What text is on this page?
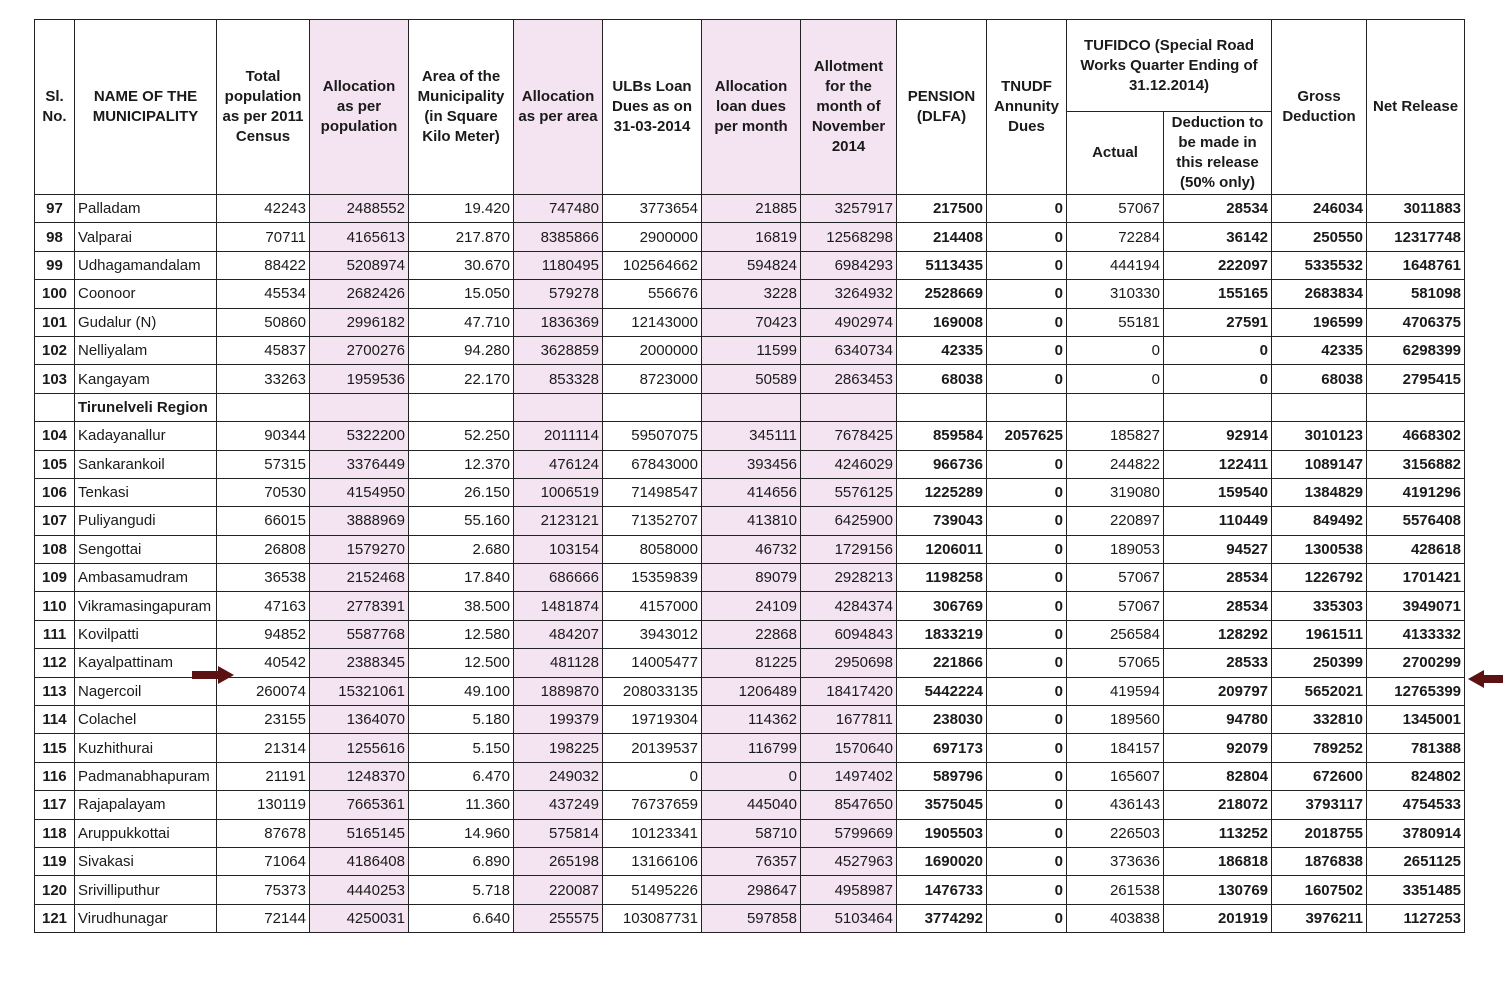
Sl. No.	NAME OF THE MUNICIPALITY	Total population as per 2011 Census	Allocation as per population	Area of the Municipality (in Square Kilo Meter)	Allocation as per area	ULBs Loan Dues as on 31-03-2014	Allocation loan dues per month	Allotment for the month of November 2014	PENSION (DLFA)	TNUDF Annunity Dues	TUFIDCO (Special Road Works Quarter Ending of 31.12.2014)		Gross Deduction	Net Release
											Actual	Deduction to be made in this release (50% only)		
97	Palladam	42243	2488552	19.420	747480	3773654	21885	3257917	217500	0	57067	28534	246034	3011883
98	Valparai	70711	4165613	217.870	8385866	2900000	16819	12568298	214408	0	72284	36142	250550	12317748
99	Udhagamandalam	88422	5208974	30.670	1180495	102564662	594824	6984293	5113435	0	444194	222097	5335532	1648761
100	Coonoor	45534	2682426	15.050	579278	556676	3228	3264932	2528669	0	310330	155165	2683834	581098
101	Gudalur (N)	50860	2996182	47.710	1836369	12143000	70423	4902974	169008	0	55181	27591	196599	4706375
102	Nelliyalam	45837	2700276	94.280	3628859	2000000	11599	6340734	42335	0	0	0	42335	6298399
103	Kangayam	33263	1959536	22.170	853328	8723000	50589	2863453	68038	0	0	0	68038	2795415
	Tirunelveli Region													
104	Kadayanallur	90344	5322200	52.250	2011114	59507075	345111	7678425	859584	2057625	185827	92914	3010123	4668302
105	Sankarankoil	57315	3376449	12.370	476124	67843000	393456	4246029	966736	0	244822	122411	1089147	3156882
106	Tenkasi	70530	4154950	26.150	1006519	71498547	414656	5576125	1225289	0	319080	159540	1384829	4191296
107	Puliyangudi	66015	3888969	55.160	2123121	71352707	413810	6425900	739043	0	220897	110449	849492	5576408
108	Sengottai	26808	1579270	2.680	103154	8058000	46732	1729156	1206011	0	189053	94527	1300538	428618
109	Ambasamudram	36538	2152468	17.840	686666	15359839	89079	2928213	1198258	0	57067	28534	1226792	1701421
110	Vikramasingapuram	47163	2778391	38.500	1481874	4157000	24109	4284374	306769	0	57067	28534	335303	3949071
111	Kovilpatti	94852	5587768	12.580	484207	3943012	22868	6094843	1833219	0	256584	128292	1961511	4133332
112	Kayalpattinam	40542	2388345	12.500	481128	14005477	81225	2950698	221866	0	57065	28533	250399	2700299
113	Nagercoil	260074	15321061	49.100	1889870	208033135	1206489	18417420	5442224	0	419594	209797	5652021	12765399
114	Colachel	23155	1364070	5.180	199379	19719304	114362	1677811	238030	0	189560	94780	332810	1345001
115	Kuzhithurai	21314	1255616	5.150	198225	20139537	116799	1570640	697173	0	184157	92079	789252	781388
116	Padmanabhapuram	21191	1248370	6.470	249032	0	0	1497402	589796	0	165607	82804	672600	824802
117	Rajapalayam	130119	7665361	11.360	437249	76737659	445040	8547650	3575045	0	436143	218072	3793117	4754533
118	Aruppukkottai	87678	5165145	14.960	575814	10123341	58710	5799669	1905503	0	226503	113252	2018755	3780914
119	Sivakasi	71064	4186408	6.890	265198	13166106	76357	4527963	1690020	0	373636	186818	1876838	2651125
120	Srivilliputhur	75373	4440253	5.718	220087	51495226	298647	4958987	1476733	0	261538	130769	1607502	3351485
121	Virudhunagar	72144	4250031	6.640	255575	103087731	597858	5103464	3774292	0	403838	201919	3976211	1127253
